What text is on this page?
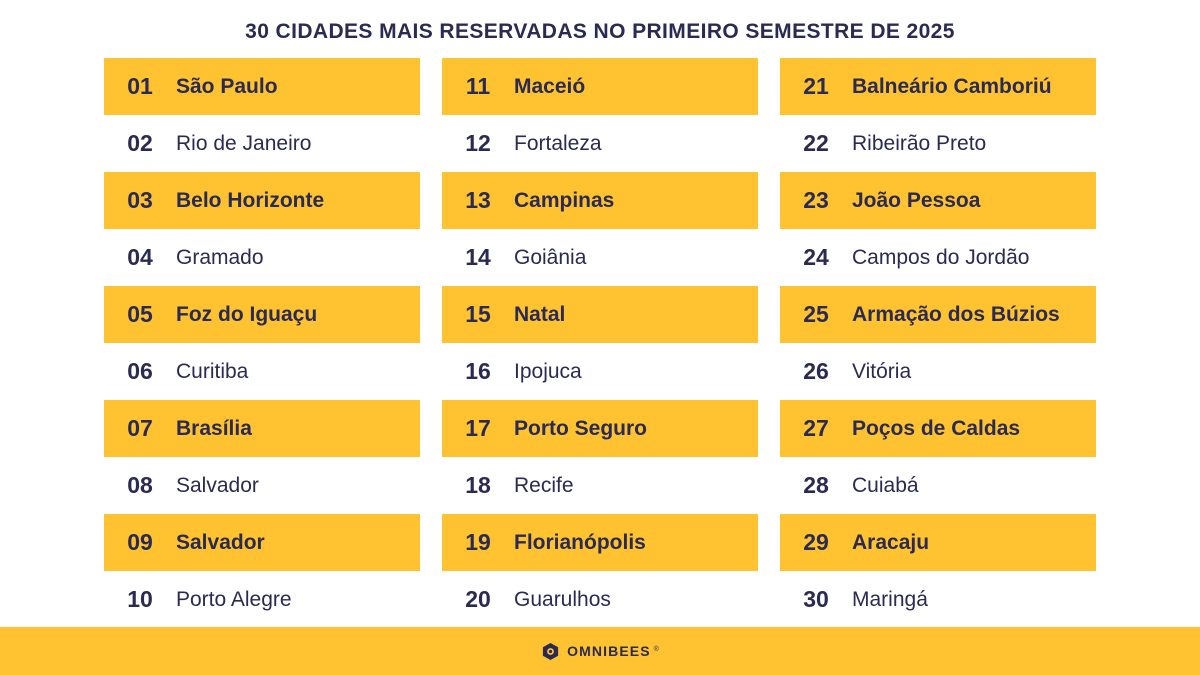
30 CIDADES MAIS RESERVADAS NO PRIMEIRO SEMESTRE DE 2025
01	São Paulo
02	Rio de Janeiro
03	Belo Horizonte
04	Gramado
05	Foz do Iguaçu
06	Curitiba
07	Brasília
08	Salvador
09	Salvador
10	Porto Alegre
11	Maceió
12	Fortaleza
13	Campinas
14	Goiânia
15	Natal
16	Ipojuca
17	Porto Seguro
18	Recife
19	Florianópolis
20	Guarulhos
21	Balneário Camboriú
22	Ribeirão Preto
23	João Pessoa
24	Campos do Jordão
25	Armação dos Búzios
26	Vitória
27	Poços de Caldas
28	Cuiabá
29	Aracaju
30	Maringá
OMNIBEES ®
